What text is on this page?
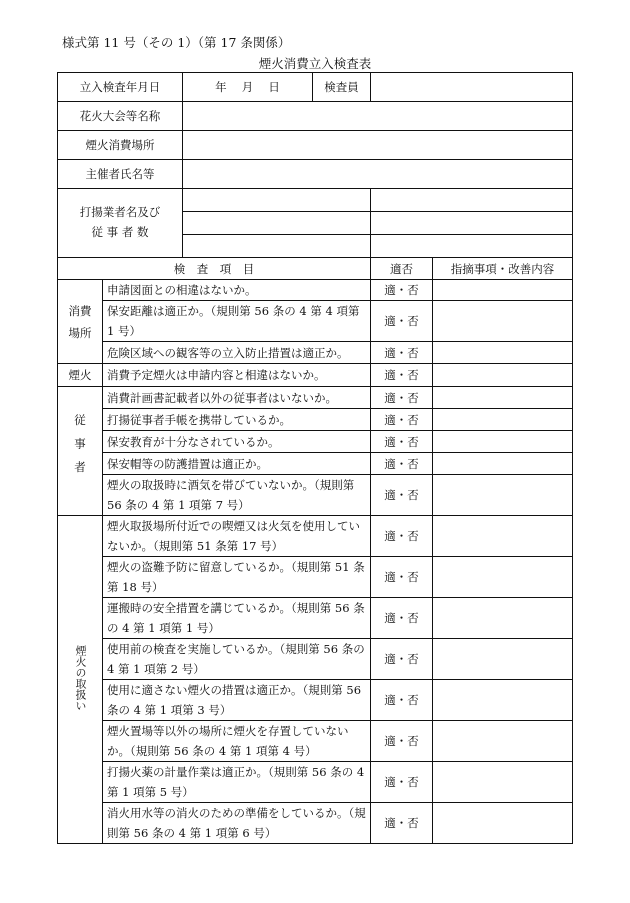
様式第 11 号（その 1）（第 17 条関係）
煙火消費立入検査表
立入検査年月日	年　 月　 日	検査員	
花火大会等名称			
煙火消費場所			
主催者氏名等			
打揚業者名及び
従 事 者 数		

検　査　項　目		適否	指摘事項・改善内容
消費場所	申請図面との相違はないか。	適・否	
	保安距離は適正か。（規則第 56 条の 4 第 4 項第 1 号）	適・否	
	危険区域への観客等の立入防止措置は適正か。	適・否	
煙火	消費予定煙火は申請内容と相違はないか。	適・否	
従事者	消費計画書記載者以外の従事者はいないか。	適・否	
	打揚従事者手帳を携帯しているか。	適・否	
	保安教育が十分なされているか。	適・否	
	保安帽等の防護措置は適正か。	適・否	
	煙火の取扱時に酒気を帯びていないか。（規則第 56 条の 4 第 1 項第 7 号）	適・否	
煙火の取扱い	煙火取扱場所付近での喫煙又は火気を使用していないか。（規則第 51 条第 17 号）	適・否	
	煙火の盗難予防に留意しているか。（規則第 51 条第 18 号）	適・否	
	運搬時の安全措置を講じているか。（規則第 56 条の 4 第 1 項第 1 号）	適・否	
	使用前の検査を実施しているか。（規則第 56 条の 4 第 1 項第 2 号）	適・否	
	使用に適さない煙火の措置は適正か。（規則第 56 条の 4 第 1 項第 3 号）	適・否	
	煙火置場等以外の場所に煙火を存置していないか。（規則第 56 条の 4 第 1 項第 4 号）	適・否	
	打揚火薬の計量作業は適正か。（規則第 56 条の 4 第 1 項第 5 号）	適・否	
	消火用水等の消火のための準備をしているか。（規則第 56 条の 4 第 1 項第 6 号）	適・否	
